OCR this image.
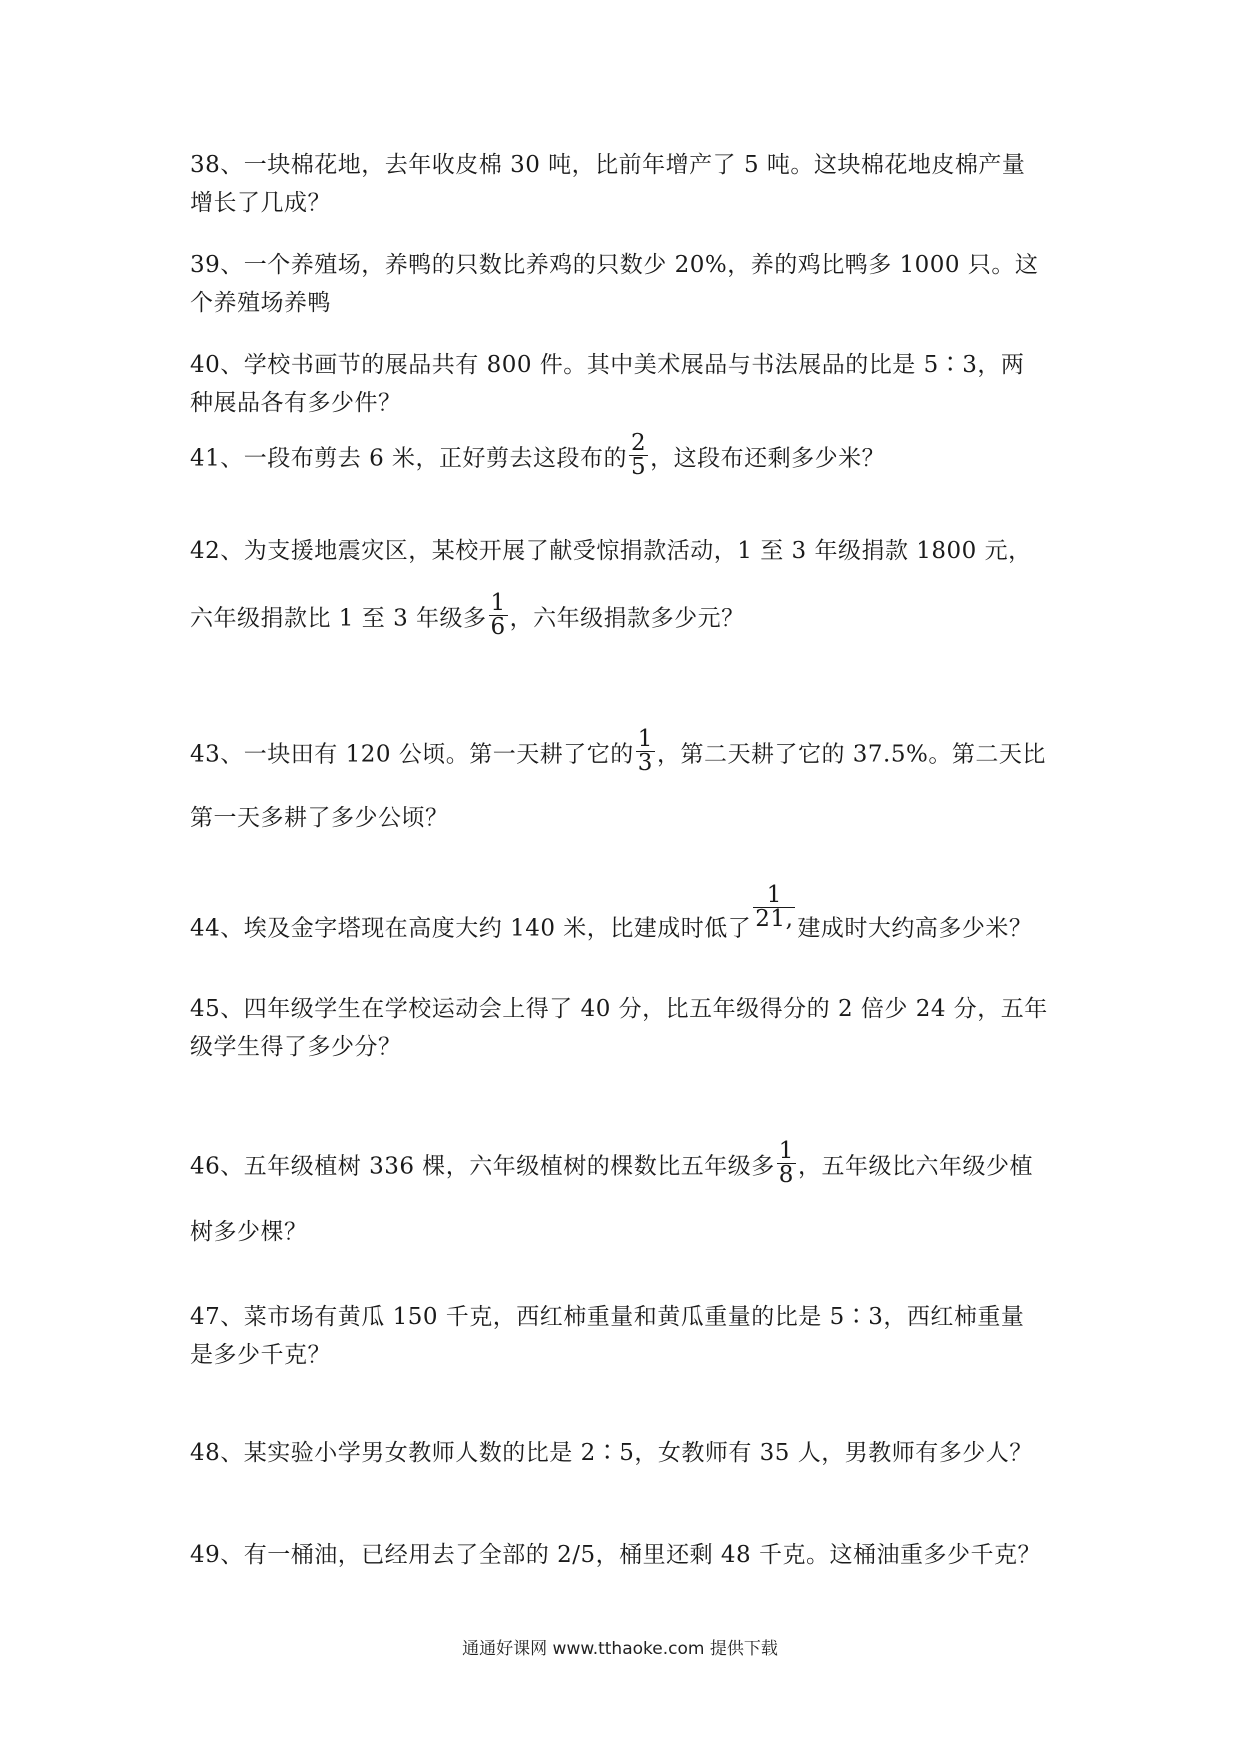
38、一块棉花地，去年收皮棉 30 吨，比前年增产了 5 吨。这块棉花地皮棉产量
增长了几成？
39、一个养殖场，养鸭的只数比养鸡的只数少 20%，养的鸡比鸭多 1000 只。这
个养殖场养鸭
40、学校书画节的展品共有 800 件。其中美术展品与书法展品的比是 5∶3，两
种展品各有多少件？
41、一段布剪去 6 米，正好剪去这段布的 $\frac{2}{5}$ ，这段布还剩多少米？
42、为支援地震灾区，某校开展了献受惊捐款活动，1 至 3 年级捐款 1800 元，
六年级捐款比 1 至 3 年级多 $\frac{1}{6}$ ，六年级捐款多少元？
43、一块田有 120 公顷。第一天耕了它的 $\frac{1}{3}$ ，第二天耕了它的 37.5%。第二天比
第一天多耕了多少公顷？
44、埃及金字塔现在高度大约 140 米，比建成时低了 $\frac{1}{21,}$ 建成时大约高多少米？
45、四年级学生在学校运动会上得了 40 分，比五年级得分的 2 倍少 24 分，五年
级学生得了多少分？
46、五年级植树 336 棵，六年级植树的棵数比五年级多 $\frac{1}{8}$ ，五年级比六年级少植
树多少棵？
47、菜市场有黄瓜 150 千克，西红柿重量和黄瓜重量的比是 5∶3，西红柿重量
是多少千克？
48、某实验小学男女教师人数的比是 2∶5，女教师有 35 人，男教师有多少人？
49、有一桶油，已经用去了全部的 2/5，桶里还剩 48 千克。这桶油重多少千克？
通通好课网 www.tthaoke.com 提供下载
